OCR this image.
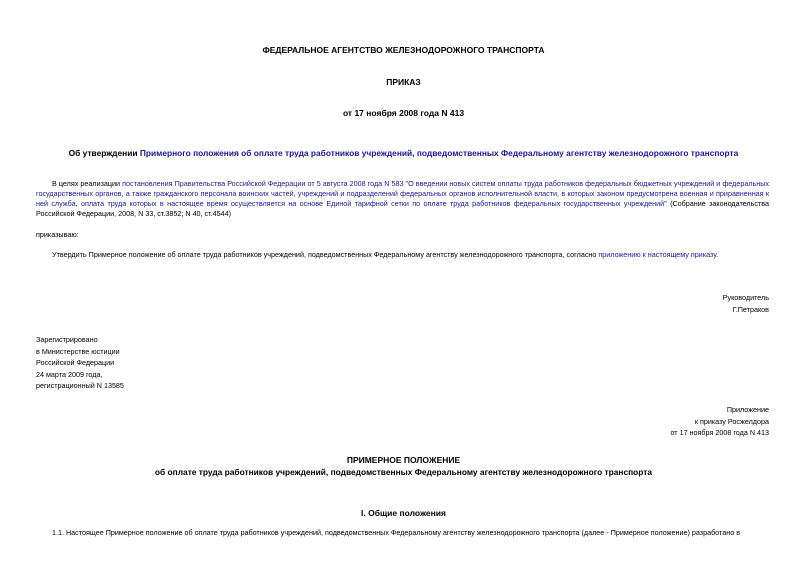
ФЕДЕРАЛЬНОЕ АГЕНТСТВО ЖЕЛЕЗНОДОРОЖНОГО ТРАНСПОРТА
ПРИКАЗ
от 17 ноября 2008 года N 413
Об утверждении Примерного положения об оплате труда работников учреждений, подведомственных Федеральному агентству железнодорожного транспорта
В целях реализации постановления Правительства Российской Федерации от 5 августа 2008 года N 583 "О введении новых систем оплаты труда работников федеральных бюджетных учреждений и федеральных государственных органов, а также гражданского персонала воинских частей, учреждений и подразделений федеральных органов исполнительной власти, в которых законом предусмотрена военная и приравненная к ней служба, оплата труда которых в настоящее время осуществляется на основе Единой тарифной сетки по оплате труда работников федеральных государственных учреждений" (Собрание законодательства Российской Федерации, 2008, N 33, ст.3852; N 40, ст.4544)
приказываю:
Утвердить Примерное положение об оплате труда работников учреждений, подведомственных Федеральному агентству железнодорожного транспорта, согласно приложению к настоящему приказу.
Руководитель
Г.Петраков
Зарегистрировано
в Министерстве юстиции
Российской Федерации
24 марта 2009 года,
регистрационный N 13585
Приложение
к приказу Росжелдора
от 17 ноября 2008 года N 413
ПРИМЕРНОЕ ПОЛОЖЕНИЕ
об оплате труда работников учреждений, подведомственных Федеральному агентству железнодорожного транспорта
I. Общие положения
1.1. Настоящее Примерное положение об оплате труда работников учреждений, подведомственных Федеральному агентству железнодорожного транспорта (далее - Примерное положение) разработано в
